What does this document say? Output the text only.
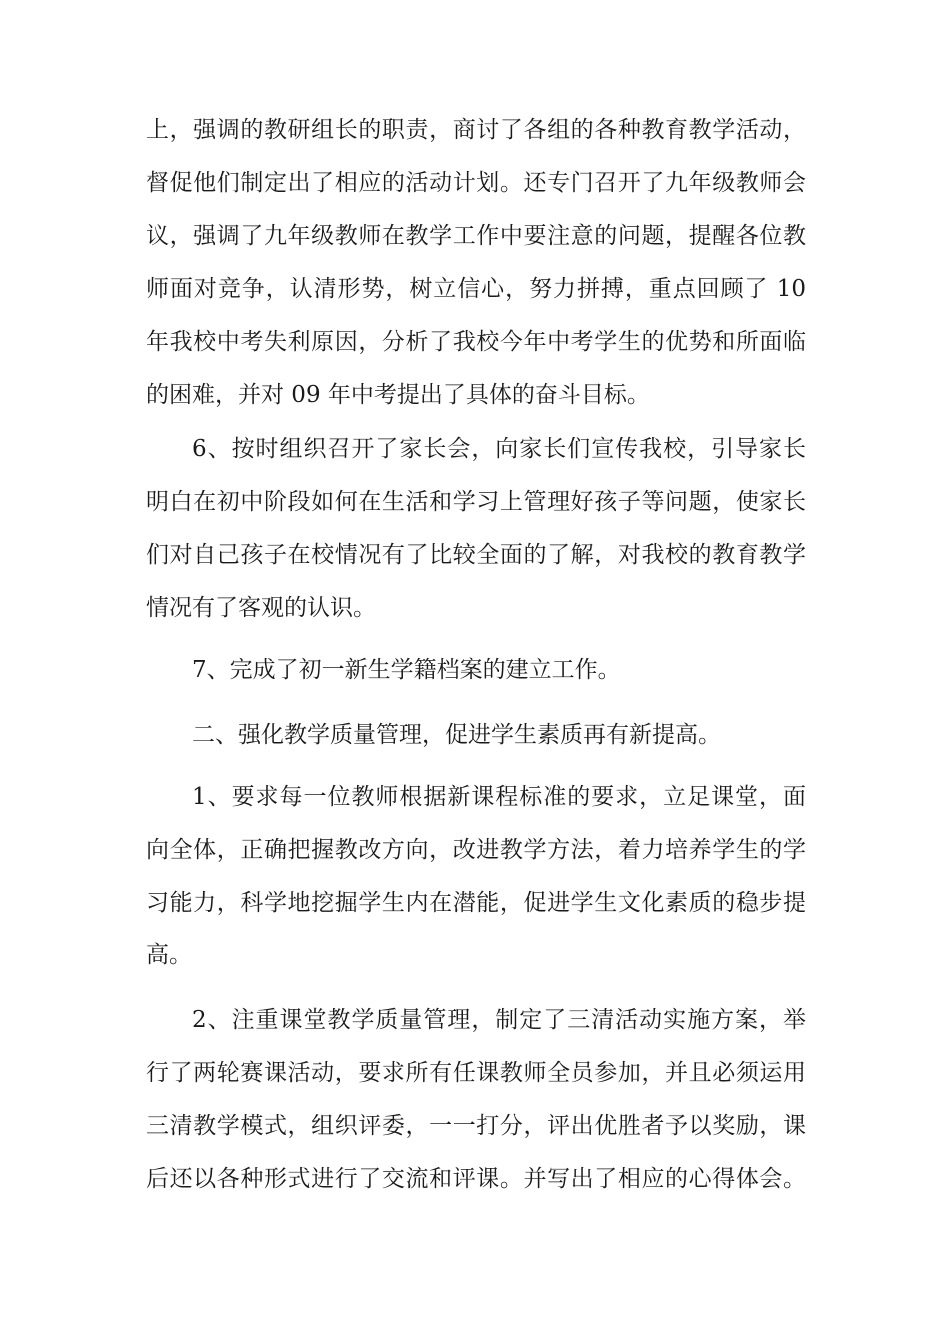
上，强调的教研组长的职责，商讨了各组的各种教育教学活动，
督促他们制定出了相应的活动计划。还专门召开了九年级教师会
议，强调了九年级教师在教学工作中要注意的问题，提醒各位教
师面对竞争，认清形势，树立信心，努力拼搏，重点回顾了 10
年我校中考失利原因，分析了我校今年中考学生的优势和所面临
的困难，并对 09 年中考提出了具体的奋斗目标。
6、按时组织召开了家长会，向家长们宣传我校，引导家长
明白在初中阶段如何在生活和学习上管理好孩子等问题，使家长
们对自己孩子在校情况有了比较全面的了解，对我校的教育教学
情况有了客观的认识。
7、完成了初一新生学籍档案的建立工作。
二、强化教学质量管理，促进学生素质再有新提高。
1、要求每一位教师根据新课程标准的要求，立足课堂，面
向全体，正确把握教改方向，改进教学方法，着力培养学生的学
习能力，科学地挖掘学生内在潜能，促进学生文化素质的稳步提
高。
2、注重课堂教学质量管理，制定了三清活动实施方案，举
行了两轮赛课活动，要求所有任课教师全员参加，并且必须运用
三清教学模式，组织评委，一一打分，评出优胜者予以奖励，课
后还以各种形式进行了交流和评课。并写出了相应的心得体会。
